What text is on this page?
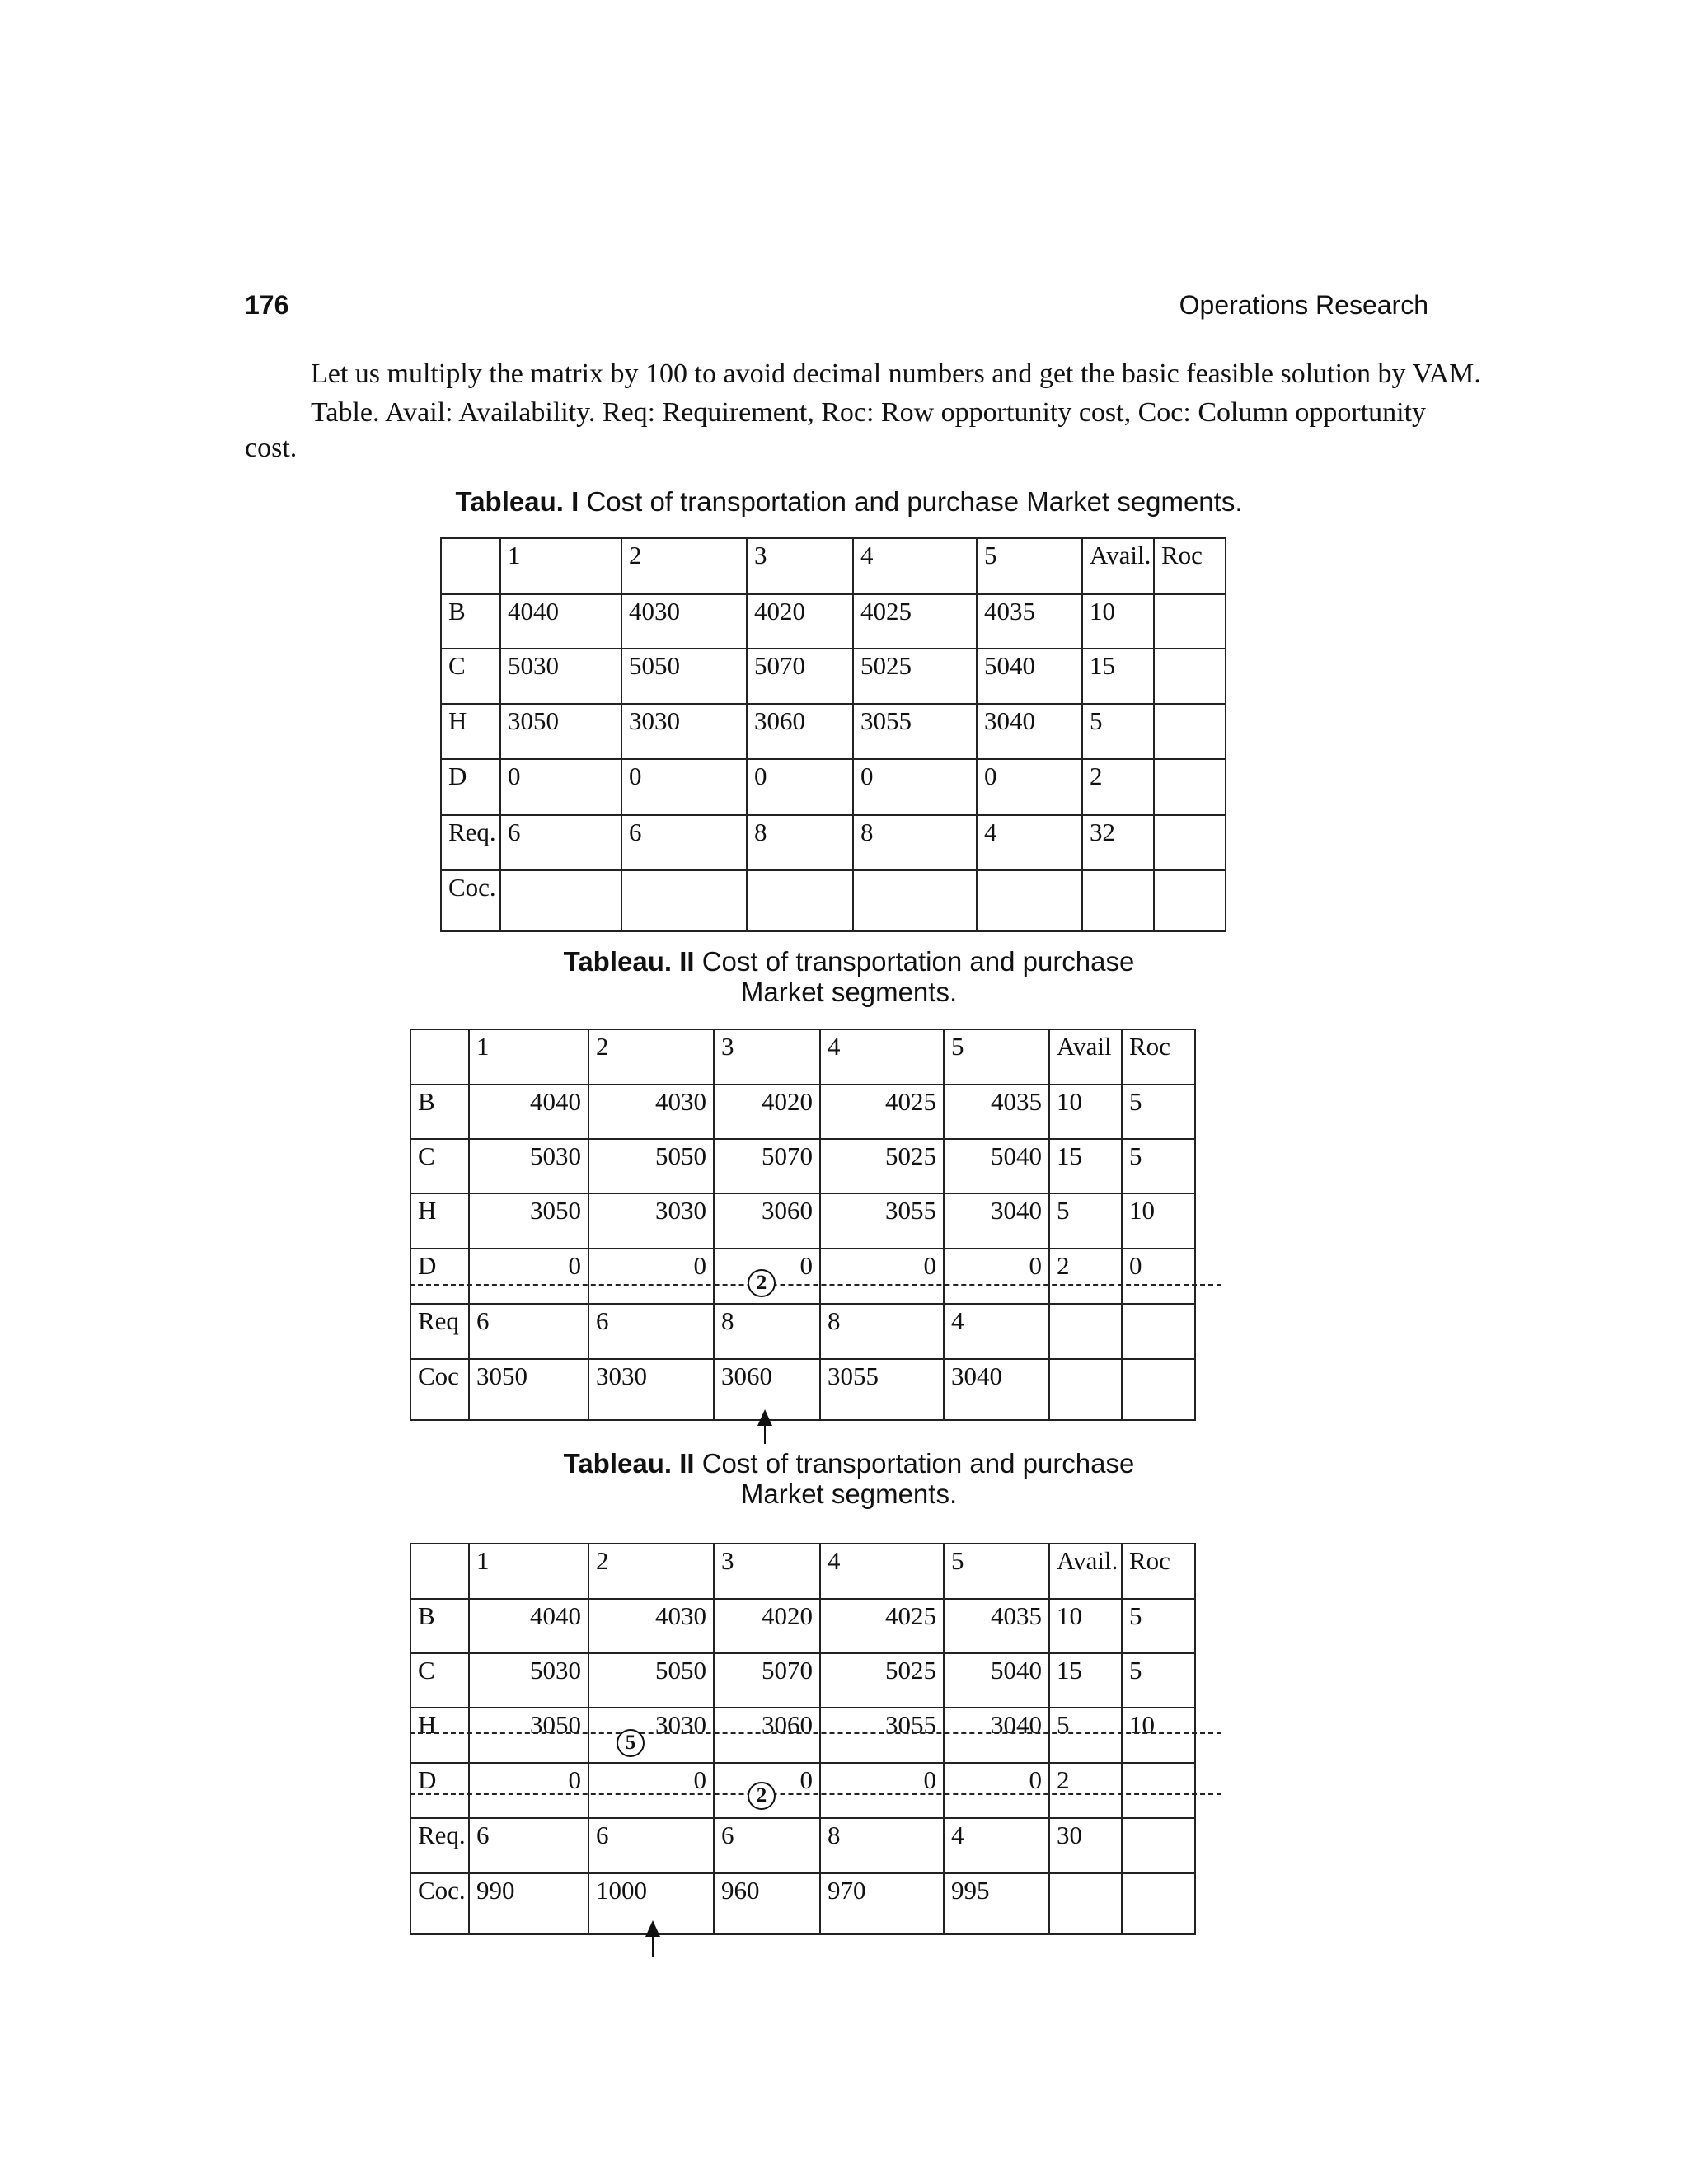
176	Operations Research
Let us multiply the matrix by 100 to avoid decimal numbers and get the basic feasible solution by VAM.
Table. Avail: Availability. Req: Requirement, Roc: Row opportunity cost, Coc: Column opportunity
cost.
Tableau. I Cost of transportation and purchase Market segments.
	1	2	3	4	5	Avail.	Roc
B	4040	4030	4020	4025	4035	10	
C	5030	5050	5070	5025	5040	15	
H	3050	3030	3060	3055	3040	5	
D	0	0	0	0	0	2	
Req.	6	6	8	8	4	32	
Coc.							
Tableau. II Cost of transportation and purchase
Market segments.
	1	2	3	4	5	Avail	Roc
B	4040	4030	4020	4025	4035	10	5
C	5030	5050	5070	5025	5040	15	5
H	3050	3030	3060	3055	3040	5	10
D	0	0	0	0	0	2	0
Req	6	6	8	8	4		
Coc	3050	3030	3060	3055	3040		
2
Tableau. II Cost of transportation and purchase
Market segments.
	1	2	3	4	5	Avail.	Roc
B	4040	4030	4020	4025	4035	10	5
C	5030	5050	5070	5025	5040	15	5
H	3050	3030	3060	3055	3040	5	10
D	0	0	0	0	0	2	
Req.	6	6	6	8	4	30	
Coc.	990	1000	960	970	995		
5
2
